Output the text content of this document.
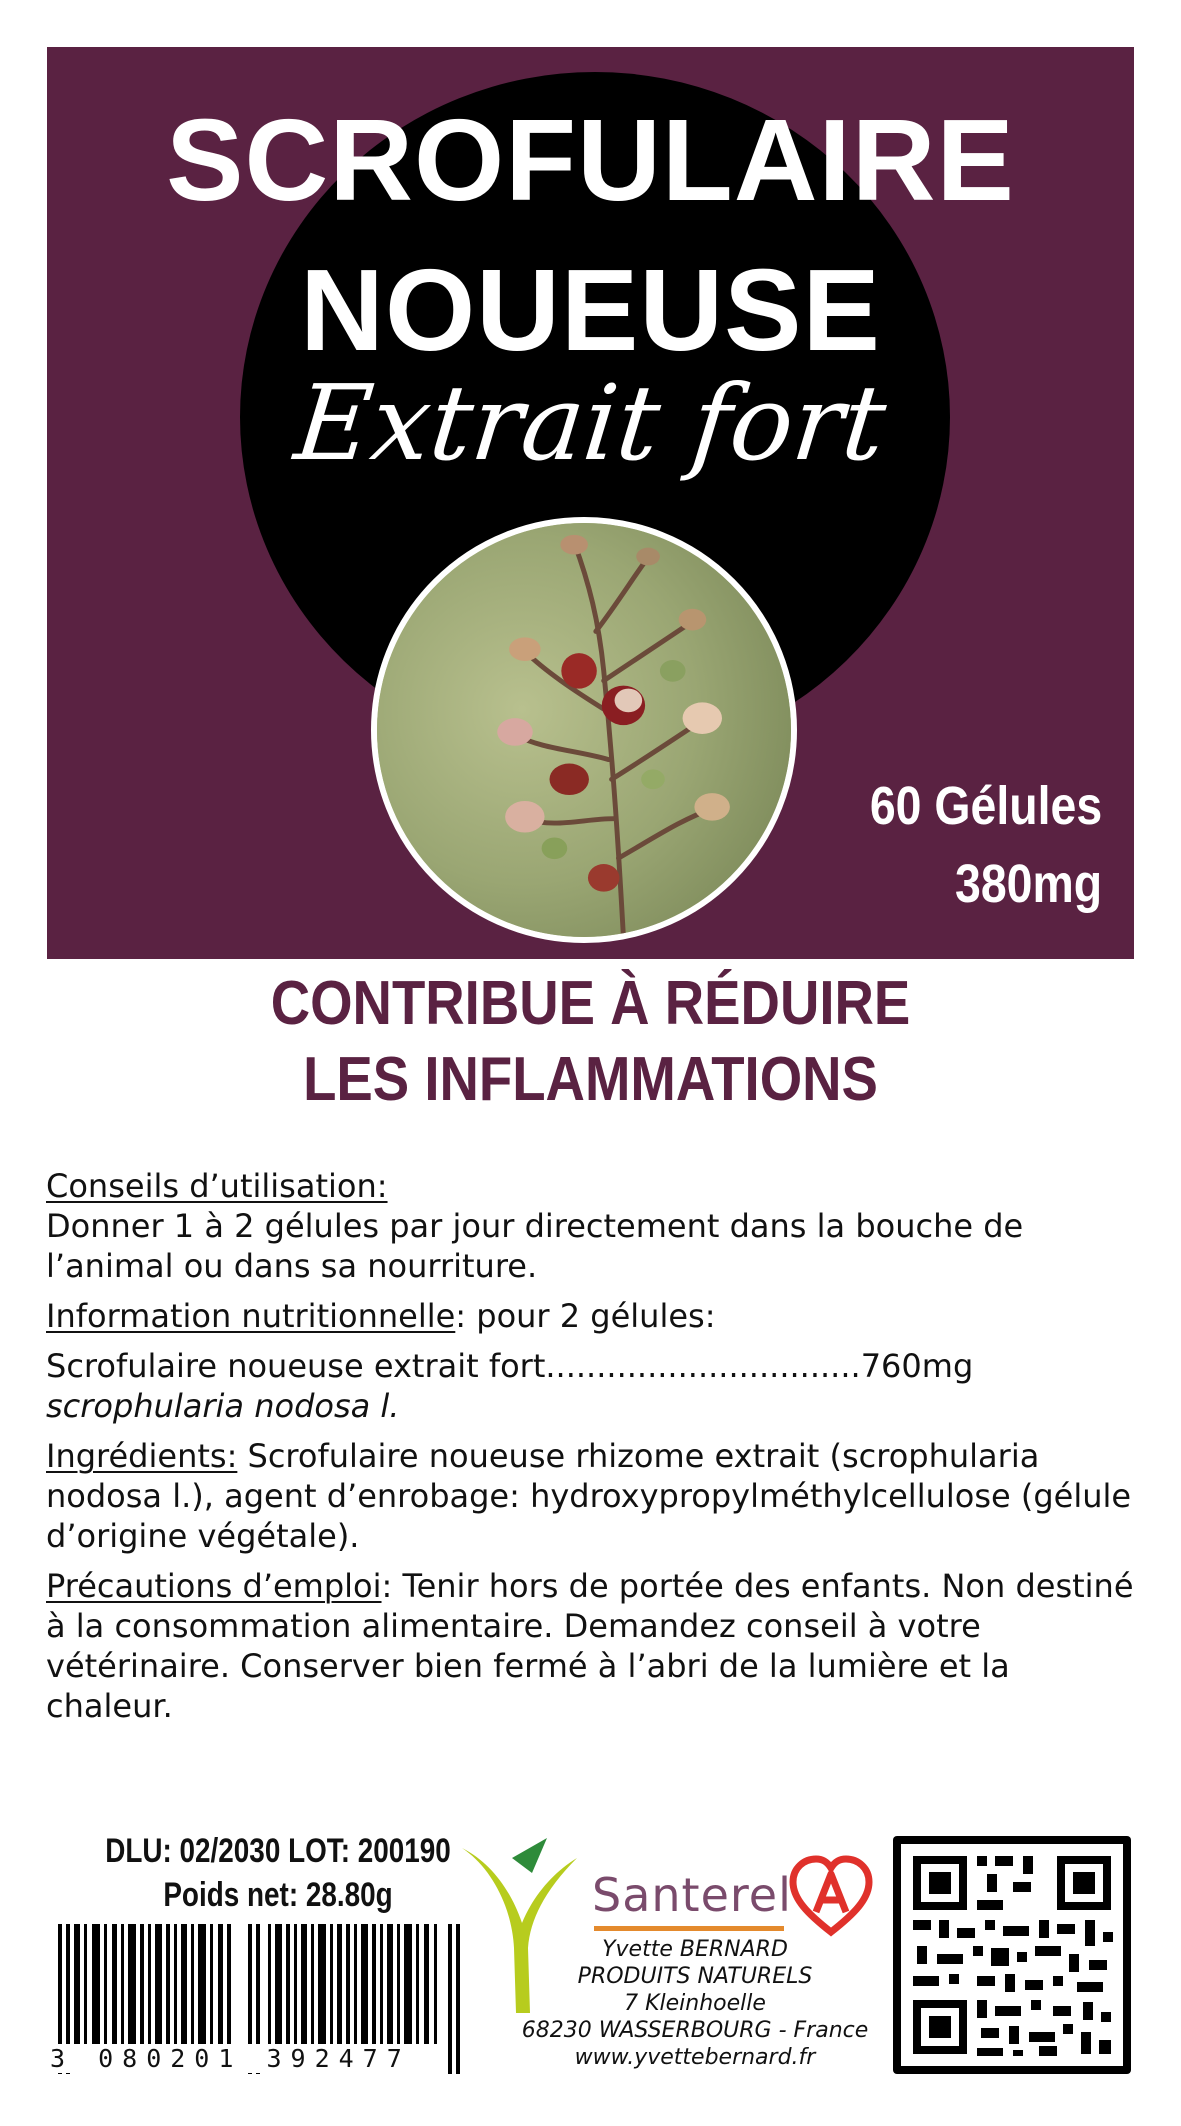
SCROFULAIRE
NOUEUSE
Extrait fort
60 Gélules
380mg
CONTRIBUE À RÉDUIRE
LES INFLAMMATIONS
Conseils d’utilisation:
Donner 1 à 2 gélules par jour directement dans la bouche de l’animal ou dans sa nourriture.
Information nutritionnelle: pour 2 gélules:
Scrofulaire noueuse extrait fort...............................760mg
scrophularia nodosa l.
Ingrédients: Scrofulaire noueuse rhizome extrait (scrophularia nodosa l.), agent d’enrobage: hydroxypropylméthylcellulose (gélule d’origine végétale).
Précautions d’emploi: Tenir hors de portée des enfants. Non destiné à la consommation alimentaire. Demandez conseil à votre vétérinaire. Conserver bien fermé à l’abri de la lumière et la chaleur.
DLU: 02/2030 LOT: 200190
Poids net: 28.80g
3 080201 392477
Santerel
Yvette BERNARD
PRODUITS NATURELS
7 Kleinhoelle
68230 WASSERBOURG - France
www.yvettebernard.fr
